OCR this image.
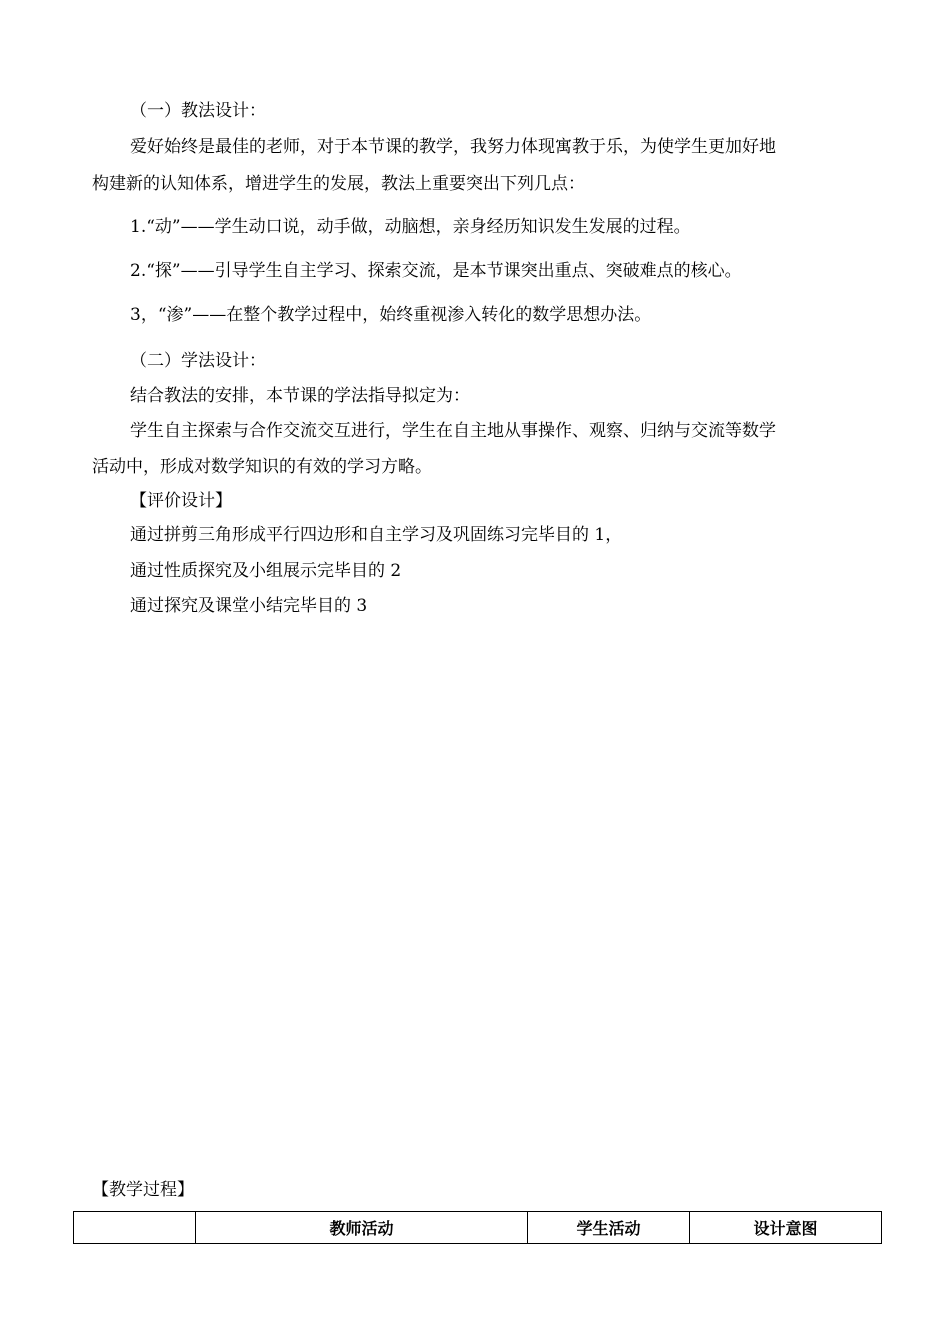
（一）教法设计：
爱好始终是最佳的老师，对于本节课的教学，我努力体现寓教于乐，为使学生更加好地
构建新的认知体系，增进学生的发展，教法上重要突出下列几点：
1.“动”——学生动口说，动手做，动脑想，亲身经历知识发生发展的过程。
2.“探”——引导学生自主学习、探索交流，是本节课突出重点、突破难点的核心。
3，“渗”——在整个教学过程中，始终重视渗入转化的数学思想办法。
（二）学法设计：
结合教法的安排，本节课的学法指导拟定为：
学生自主探索与合作交流交互进行，学生在自主地从事操作、观察、归纳与交流等数学
活动中，形成对数学知识的有效的学习方略。
【评价设计】
通过拼剪三角形成平行四边形和自主学习及巩固练习完毕目的 1，
通过性质探究及小组展示完毕目的 2
通过探究及课堂小结完毕目的 3
【教学过程】
	教师活动	学生活动	设计意图
